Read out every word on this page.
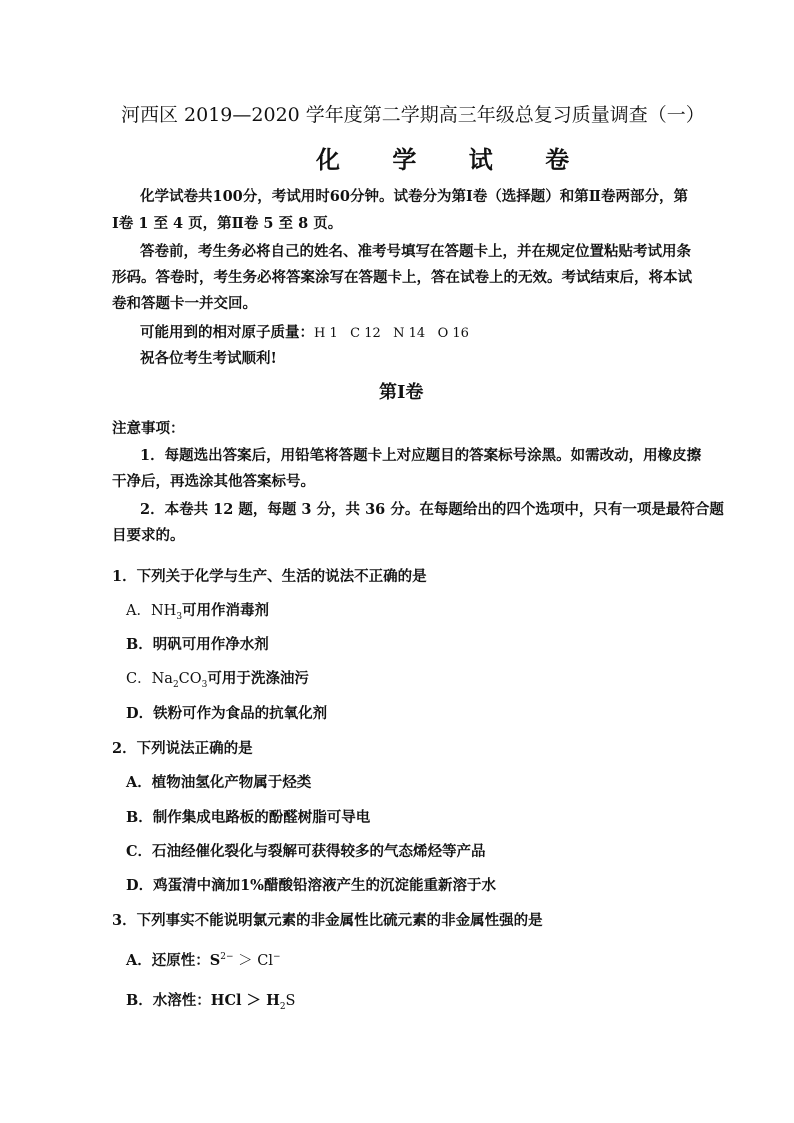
河西区 2019—2020 学年度第二学期高三年级总复习质量调查（一）
化 学 试 卷
化学试卷共100分，考试用时60分钟。试卷分为第Ⅰ卷（选择题）和第Ⅱ卷两部分，第
Ⅰ卷 1 至 4 页，第Ⅱ卷 5 至 8 页。
答卷前，考生务必将自己的姓名、准考号填写在答题卡上，并在规定位置粘贴考试用条
形码。答卷时，考生务必将答案涂写在答题卡上，答在试卷上的无效。考试结束后，将本试
卷和答题卡一并交回。
可能用到的相对原子质量：H 1   C 12   N 14   O 16
祝各位考生考试顺利!
第Ⅰ卷
注意事项：
1．每题选出答案后，用铅笔将答题卡上对应题目的答案标号涂黑。如需改动，用橡皮擦
干净后，再选涂其他答案标号。
2．本卷共 12 题，每题 3 分，共 36 分。在每题给出的四个选项中，只有一项是最符合题
目要求的。
1．下列关于化学与生产、生活的说法不正确的是
A．$NH_3$可用作消毒剂
B．明矾可用作净水剂
C．$Na_2CO_3$可用于洗涤油污
D．铁粉可作为食品的抗氧化剂
2．下列说法正确的是
A．植物油氢化产物属于烃类
B．制作集成电路板的酚醛树脂可导电
C．石油经催化裂化与裂解可获得较多的气态烯烃等产品
D．鸡蛋清中滴加1%醋酸铅溶液产生的沉淀能重新溶于水
3．下列事实不能说明氯元素的非金属性比硫元素的非金属性强的是
A．还原性：$S^{2-} > Cl^-$
B．水溶性：HCl ＞ $H_2S$
